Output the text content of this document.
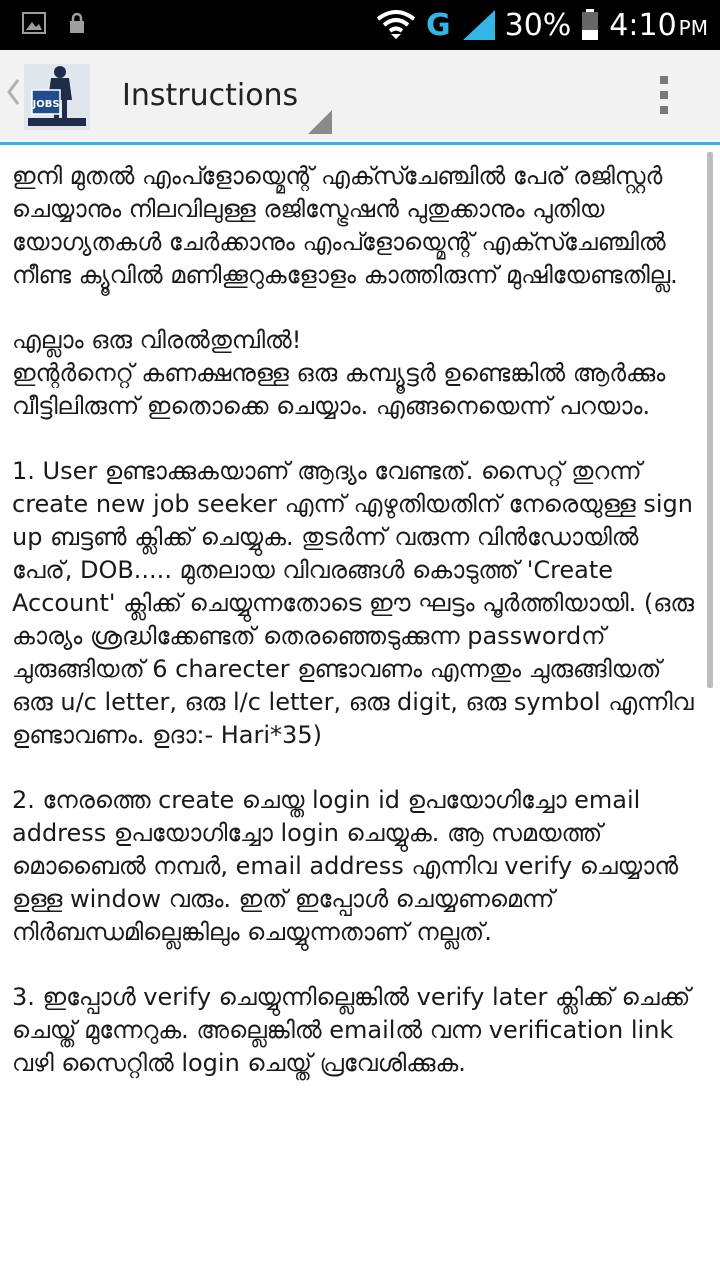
G 30% 4:10 PM
JOBS Instructions

ഇനി മുതൽ എംപ്ളോയ്മെന്റ് എക്സ്ചേഞ്ചിൽ പേര് രജിസ്റ്റർ ചെയ്യാനും നിലവിലുള്ള രജിസ്ട്രേഷൻ പുതുക്കാനും പുതിയ യോഗ്യതകൾ ചേർക്കാനും എംപ്ളോയ്മെന്റ് എക്സ്ചേഞ്ചിൽ നീണ്ട ക്യൂവിൽ മണിക്കൂറുകളോളം കാത്തിരുന്ന് മുഷിയേണ്ടതില്ല.

എല്ലാം ഒരു വിരൽതുമ്പിൽ!
ഇന്റർനെറ്റ് കണക്ഷനുള്ള ഒരു കമ്പ്യൂട്ടർ ഉണ്ടെങ്കിൽ ആർക്കും വീട്ടിലിരുന്ന് ഇതൊക്കെ ചെയ്യാം. എങ്ങനെയെന്ന് പറയാം.

1. User ഉണ്ടാക്കുകയാണ് ആദ്യം വേണ്ടത്. സൈറ്റ് തുറന്ന് create new job seeker എന്ന് എഴുതിയതിന് നേരെയുള്ള sign up ബട്ടൺ ക്ലിക്ക് ചെയ്യുക. തുടർന്ന് വരുന്ന വിൻഡോയിൽ പേര്, DOB..... മുതലായ വിവരങ്ങൾ കൊടുത്ത് 'Create Account' ക്ലിക്ക് ചെയ്യുന്നതോടെ ഈ ഘട്ടം പൂർത്തിയായി. (ഒരു കാര്യം ശ്രദ്ധിക്കേണ്ടത് തെരഞ്ഞെടുക്കുന്ന passwordന് ചുരുങ്ങിയത് 6 charecter ഉണ്ടാവണം എന്നതും ചുരുങ്ങിയത് ഒരു u/c letter, ഒരു l/c letter, ഒരു digit, ഒരു symbol എന്നിവ ഉണ്ടാവണം. ഉദാ:- Hari*35)

2. നേരത്തെ create ചെയ്ത login id ഉപയോഗിച്ചോ email address ഉപയോഗിച്ചോ login ചെയ്യുക. ആ സമയത്ത് മൊബൈൽ നമ്പർ, email address എന്നിവ verify ചെയ്യാൻ ഉള്ള window വരും. ഇത് ഇപ്പോൾ ചെയ്യണമെന്ന് നിർബന്ധമില്ലെങ്കിലും ചെയ്യുന്നതാണ് നല്ലത്.

3. ഇപ്പോൾ verify ചെയ്യുന്നില്ലെങ്കിൽ verify later ക്ലിക്ക് ചെക്ക് ചെയ്ത് മുന്നേറുക. അല്ലെങ്കിൽ emailൽ വന്ന verification link വഴി സൈറ്റിൽ login ചെയ്ത് പ്രവേശിക്കുക.
